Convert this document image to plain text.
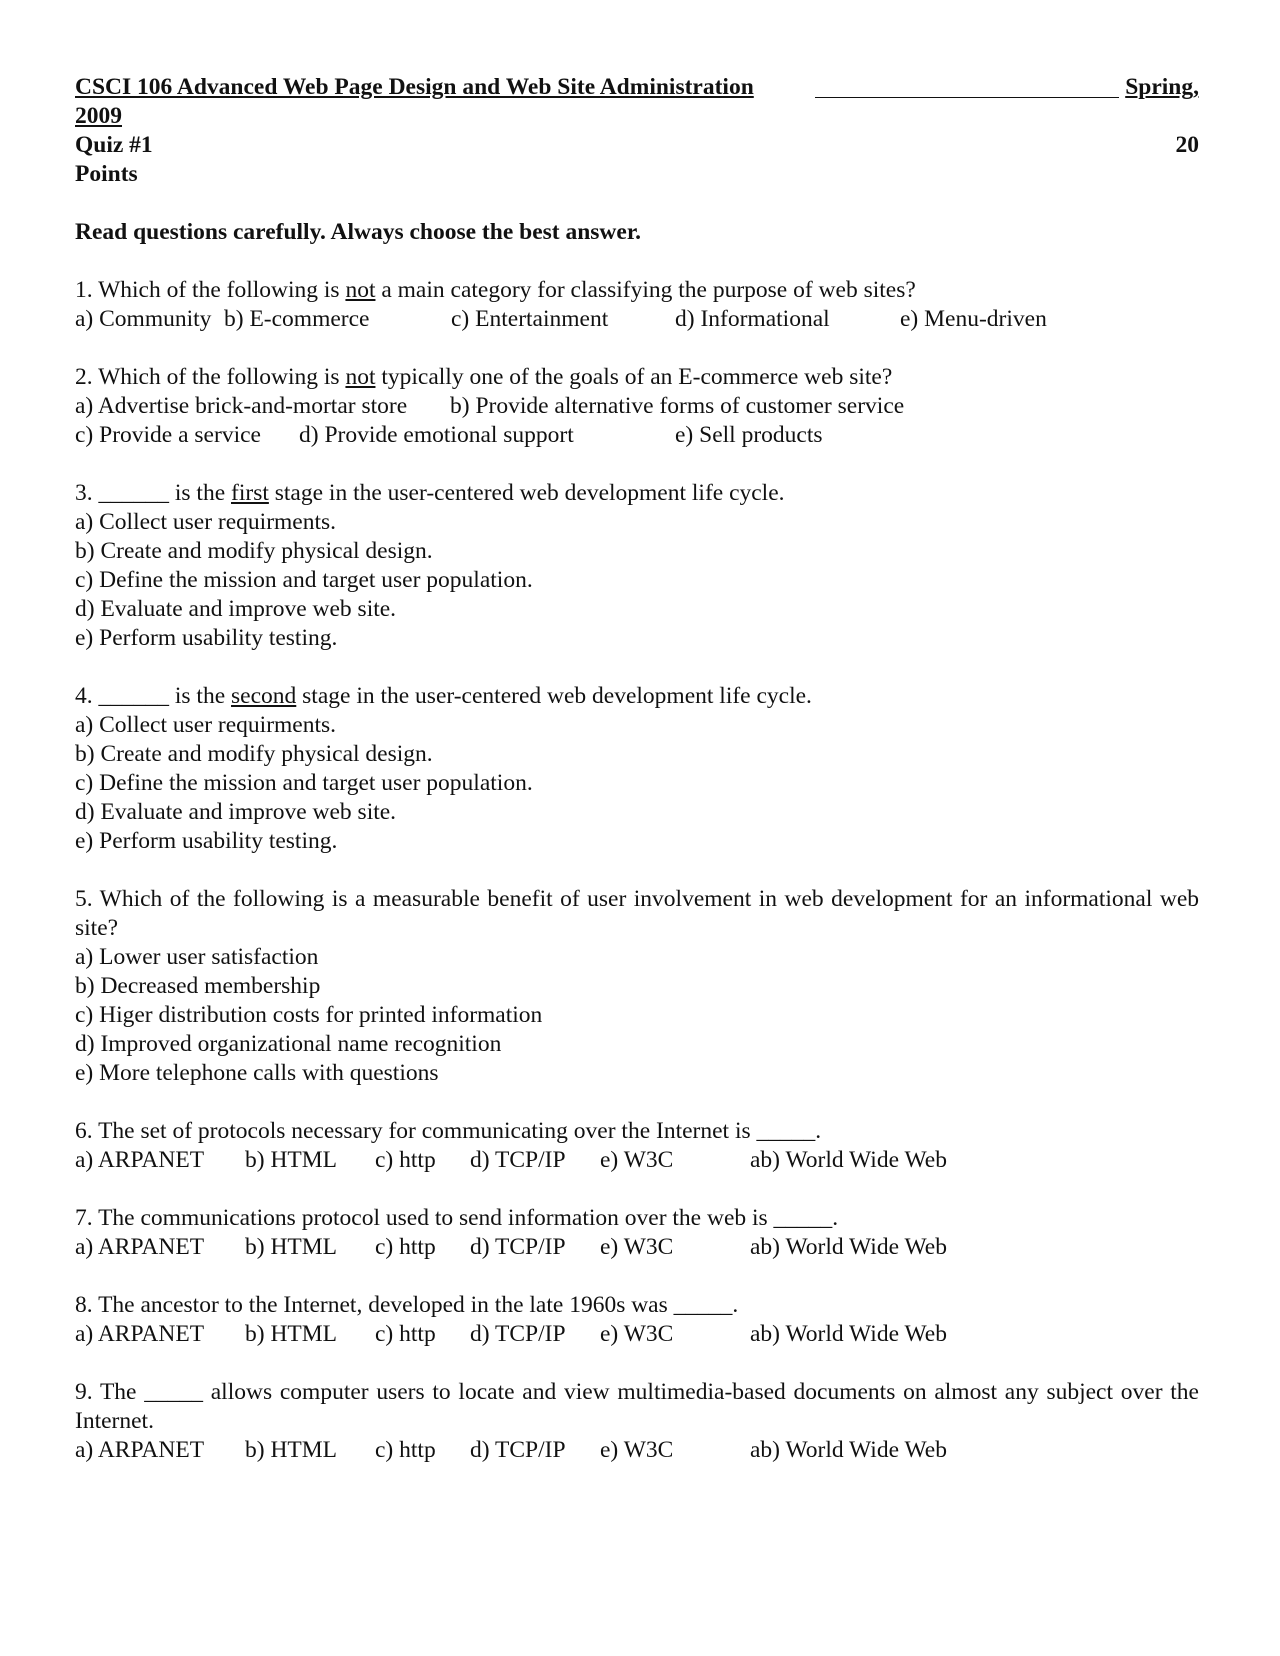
CSCI 106 Advanced Web Page Design and Web Site Administration	Spring,
2009
Quiz #1	20
Points
Read questions carefully. Always choose the best answer.
1. Which of the following is not a main category for classifying the purpose of web sites?
a) Community b) E-commerce	c) Entertainment	d) Informational	e) Menu-driven
2. Which of the following is not typically one of the goals of an E-commerce web site?
a) Advertise brick-and-mortar store b) Provide alternative forms of customer service
c) Provide a service d) Provide emotional support	e) Sell products
3. ______ is the first stage in the user-centered web development life cycle.
a) Collect user requirments.
b) Create and modify physical design.
c) Define the mission and target user population.
d) Evaluate and improve web site.
e) Perform usability testing.
4. ______ is the second stage in the user-centered web development life cycle.
a) Collect user requirments.
b) Create and modify physical design.
c) Define the mission and target user population.
d) Evaluate and improve web site.
e) Perform usability testing.
5. Which of the following is a measurable benefit of user involvement in web development for an informational web site?
a) Lower user satisfaction
b) Decreased membership
c) Higer distribution costs for printed information
d) Improved organizational name recognition
e) More telephone calls with questions
6. The set of protocols necessary for communicating over the Internet is _____.
a) ARPANET b) HTML c) http d) TCP/IP e) W3C	ab) World Wide Web
7. The communications protocol used to send information over the web is _____.
a) ARPANET b) HTML c) http d) TCP/IP e) W3C	ab) World Wide Web
8. The ancestor to the Internet, developed in the late 1960s was _____.
a) ARPANET b) HTML c) http d) TCP/IP e) W3C	ab) World Wide Web
9. The _____ allows computer users to locate and view multimedia-based documents on almost any subject over the Internet.
a) ARPANET b) HTML c) http d) TCP/IP e) W3C	ab) World Wide Web
